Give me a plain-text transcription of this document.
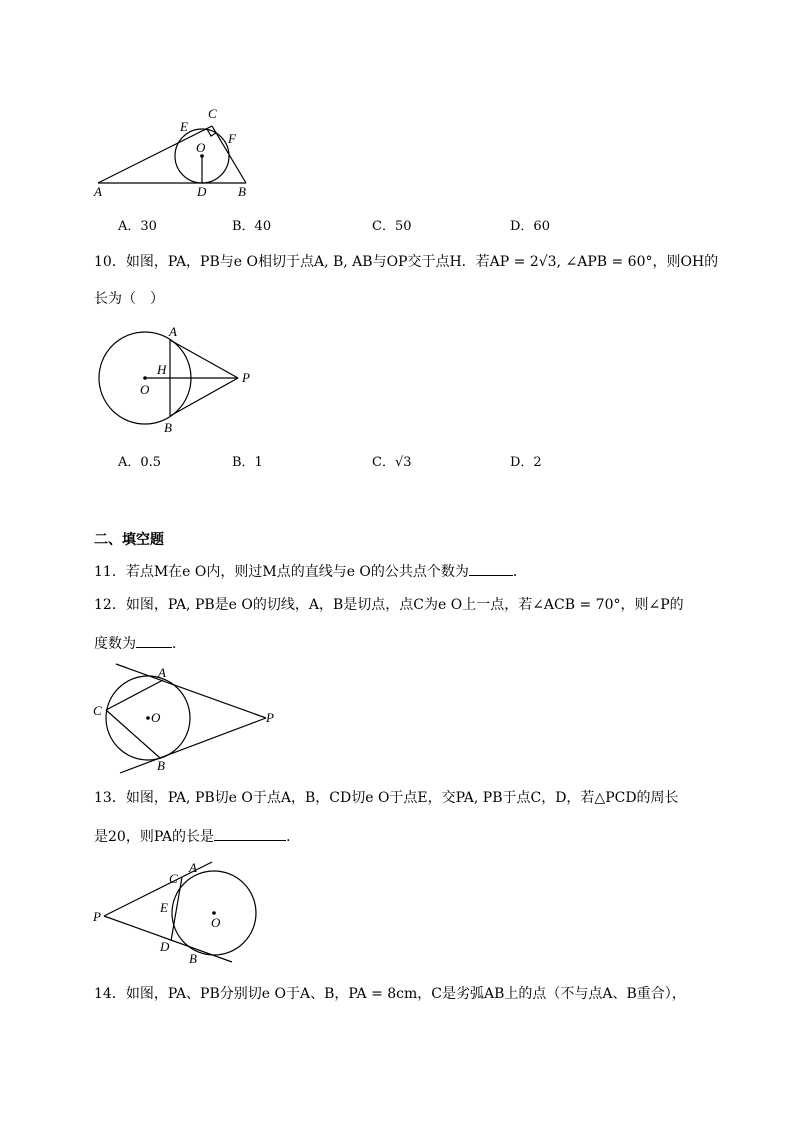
C
E
F
O
A	D B
A．30	B．40	C．50	D．60
10．如图，PA，PB与e O相切于点A, B, AB与OP交于点H．若AP = 2√3, ∠APB = 60°，则OH的
长为（　）
A
H
O
P
B
A．0.5	B．1	C．√3	D．2
二、填空题
11．若点M在e O内，则过M点的直线与e O的公共点个数为	．
12．如图，PA, PB是e O的切线，A，B是切点，点C为e O上一点，若∠ACB = 70°，则∠P的
度数为	．
A
C	O	P
B
13．如图，PA, PB切e O于点A，B，CD切e O于点E，交PA, PB于点C，D，若△PCD的周长
是20，则PA的长是	．
A
C
E
P	O
D
B
14．如图，PA、PB分别切e O于A、B，PA = 8cm，C是劣弧AB上的点（不与点A、B重合），
